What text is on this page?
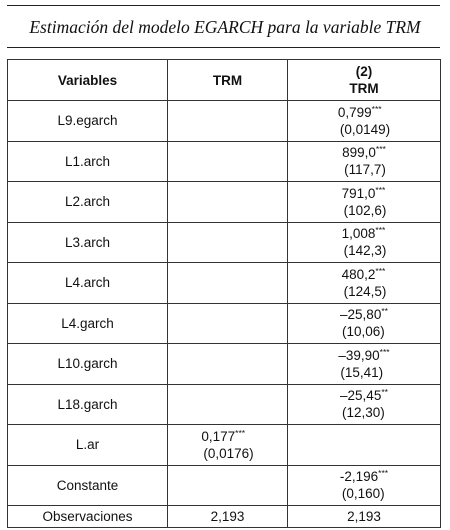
Estimación del modelo EGARCH para la variable TRM
Variables	TRM	(2)
TRM

L9.egarch		0,799***
(0,0149)

L1.arch		899,0***
(117,7)

L2.arch		791,0***
(102,6)

L3.arch		1,008***
(142,3)

L4.arch		480,2***
(124,5)

L4.garch		–25,80**
(10,06)

L10.garch		–39,90***
(15,41)

L18.garch		–25,45**
(12,30)

L.ar	0,177***
(0,0176)	

Constante		-2,196***
(0,160)

Observaciones	2,193	2,193
